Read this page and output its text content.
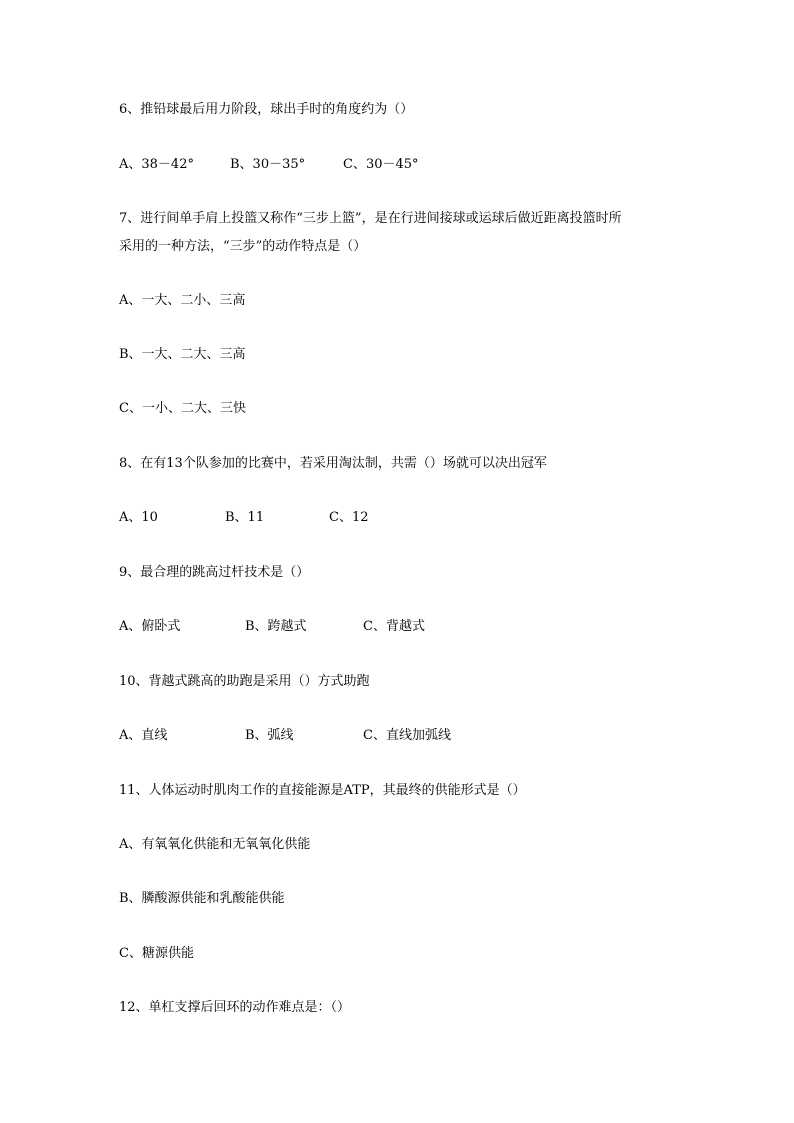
6、推铅球最后用力阶段，球出手时的角度约为（）
A、38－42°	B、30－35°	C、30－45°
7、进行间单手肩上投篮又称作“三步上篮”，是在行进间接球或运球后做近距离投篮时所
采用的一种方法，“三步”的动作特点是（）
A、一大、二小、三高
B、一大、二大、三高
C、一小、二大、三快
8、在有13个队参加的比赛中，若采用淘汰制，共需（）场就可以决出冠军
A、10	B、11	C、12
9、最合理的跳高过杆技术是（）
A、俯卧式	B、跨越式	C、背越式
10、背越式跳高的助跑是采用（）方式助跑
A、直线	B、弧线	C、直线加弧线
11、人体运动时肌肉工作的直接能源是ATP，其最终的供能形式是（）
A、有氧氧化供能和无氧氧化供能
B、膦酸源供能和乳酸能供能
C、糖源供能
12、单杠支撑后回环的动作难点是：（）
